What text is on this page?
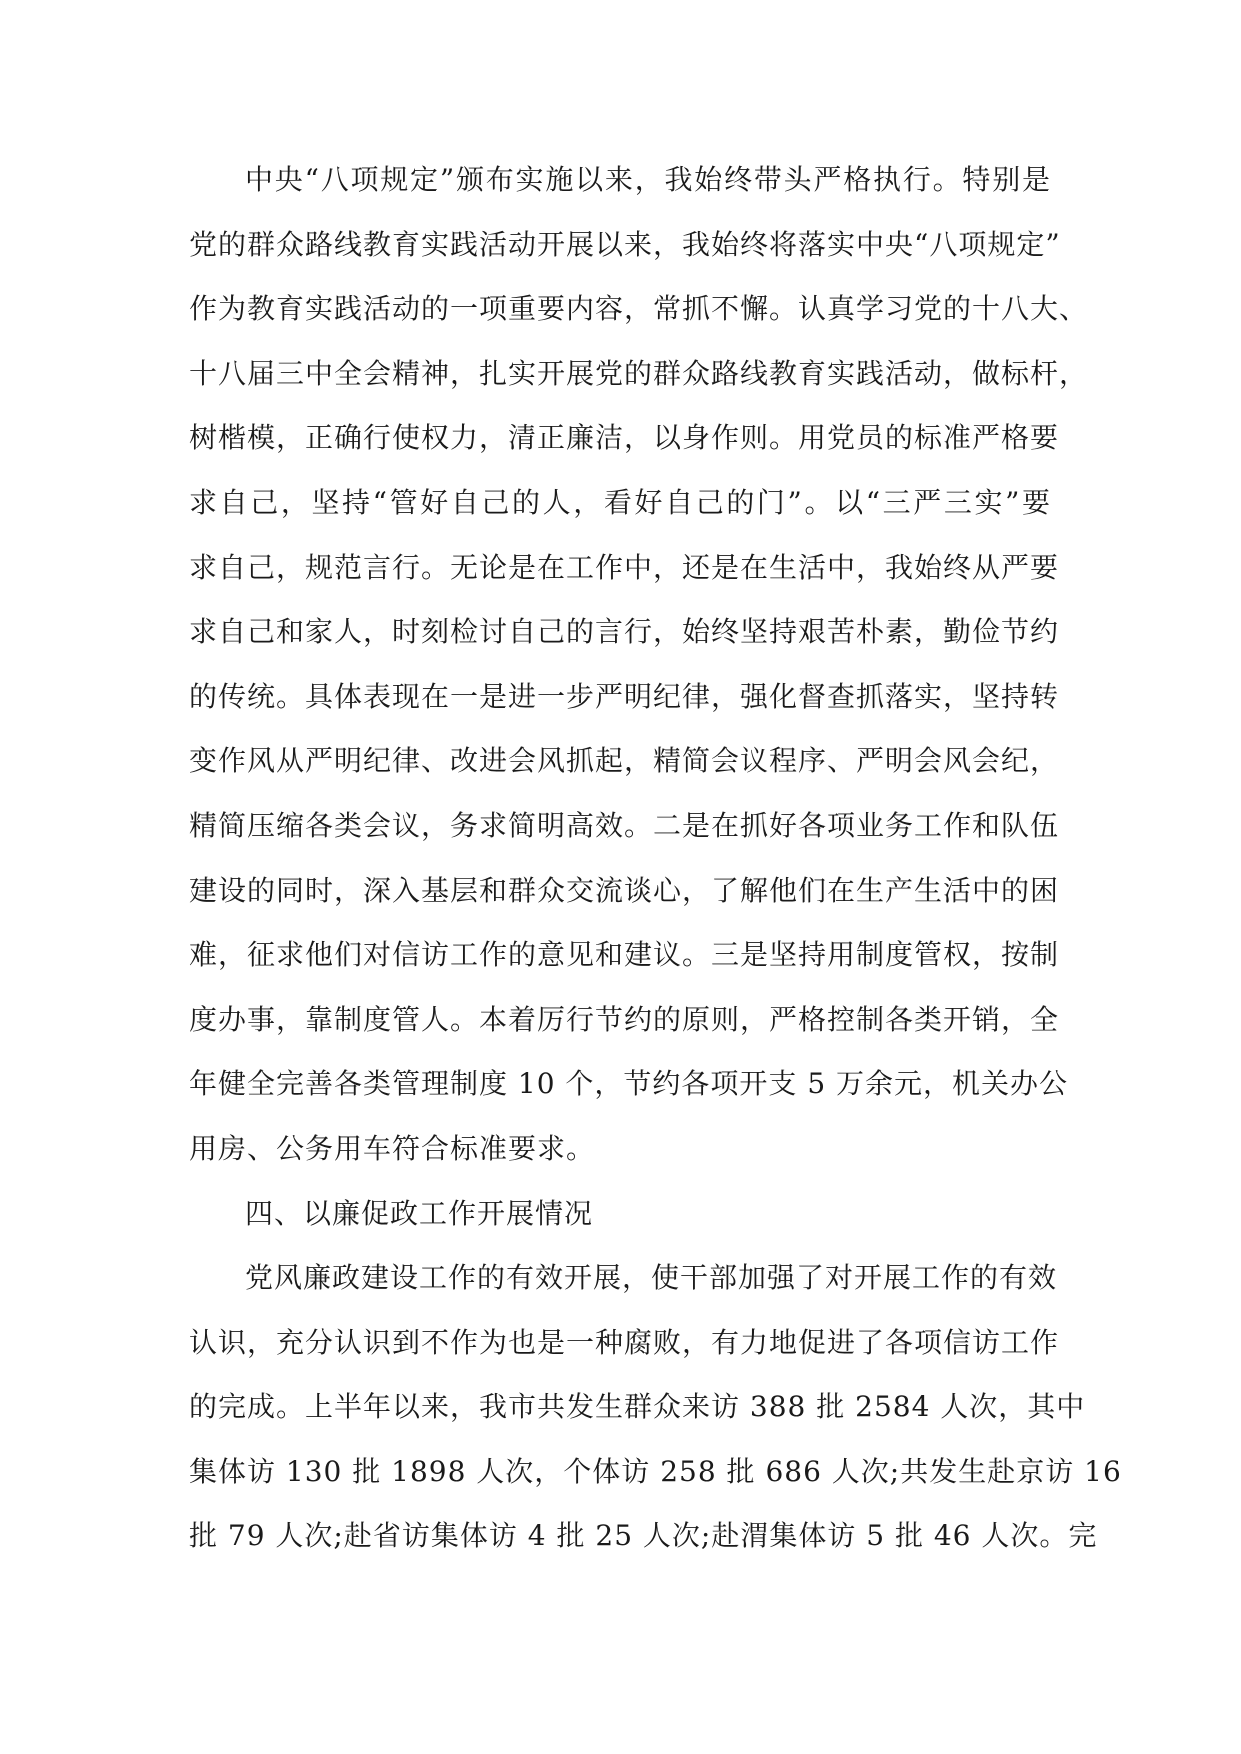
中央“八项规定”颁布实施以来，我始终带头严格执行。特别是
党的群众路线教育实践活动开展以来，我始终将落实中央“八项规定”
作为教育实践活动的一项重要内容，常抓不懈。认真学习党的十八大、
十八届三中全会精神，扎实开展党的群众路线教育实践活动，做标杆，
树楷模，正确行使权力，清正廉洁，以身作则。用党员的标准严格要
求自己，坚持“管好自己的人，看好自己的门”。以“三严三实”要
求自己，规范言行。无论是在工作中，还是在生活中，我始终从严要
求自己和家人，时刻检讨自己的言行，始终坚持艰苦朴素，勤俭节约
的传统。具体表现在一是进一步严明纪律，强化督查抓落实，坚持转
变作风从严明纪律、改进会风抓起，精简会议程序、严明会风会纪，
精简压缩各类会议，务求简明高效。二是在抓好各项业务工作和队伍
建设的同时，深入基层和群众交流谈心，了解他们在生产生活中的困
难，征求他们对信访工作的意见和建议。三是坚持用制度管权，按制
度办事，靠制度管人。本着厉行节约的原则，严格控制各类开销，全
年健全完善各类管理制度 10 个，节约各项开支 5 万余元，机关办公
用房、公务用车符合标准要求。
四、以廉促政工作开展情况
党风廉政建设工作的有效开展，使干部加强了对开展工作的有效
认识，充分认识到不作为也是一种腐败，有力地促进了各项信访工作
的完成。上半年以来，我市共发生群众来访 388 批 2584 人次，其中
集体访 130 批 1898 人次，个体访 258 批 686 人次;共发生赴京访 16
批 79 人次;赴省访集体访 4 批 25 人次;赴渭集体访 5 批 46 人次。完
